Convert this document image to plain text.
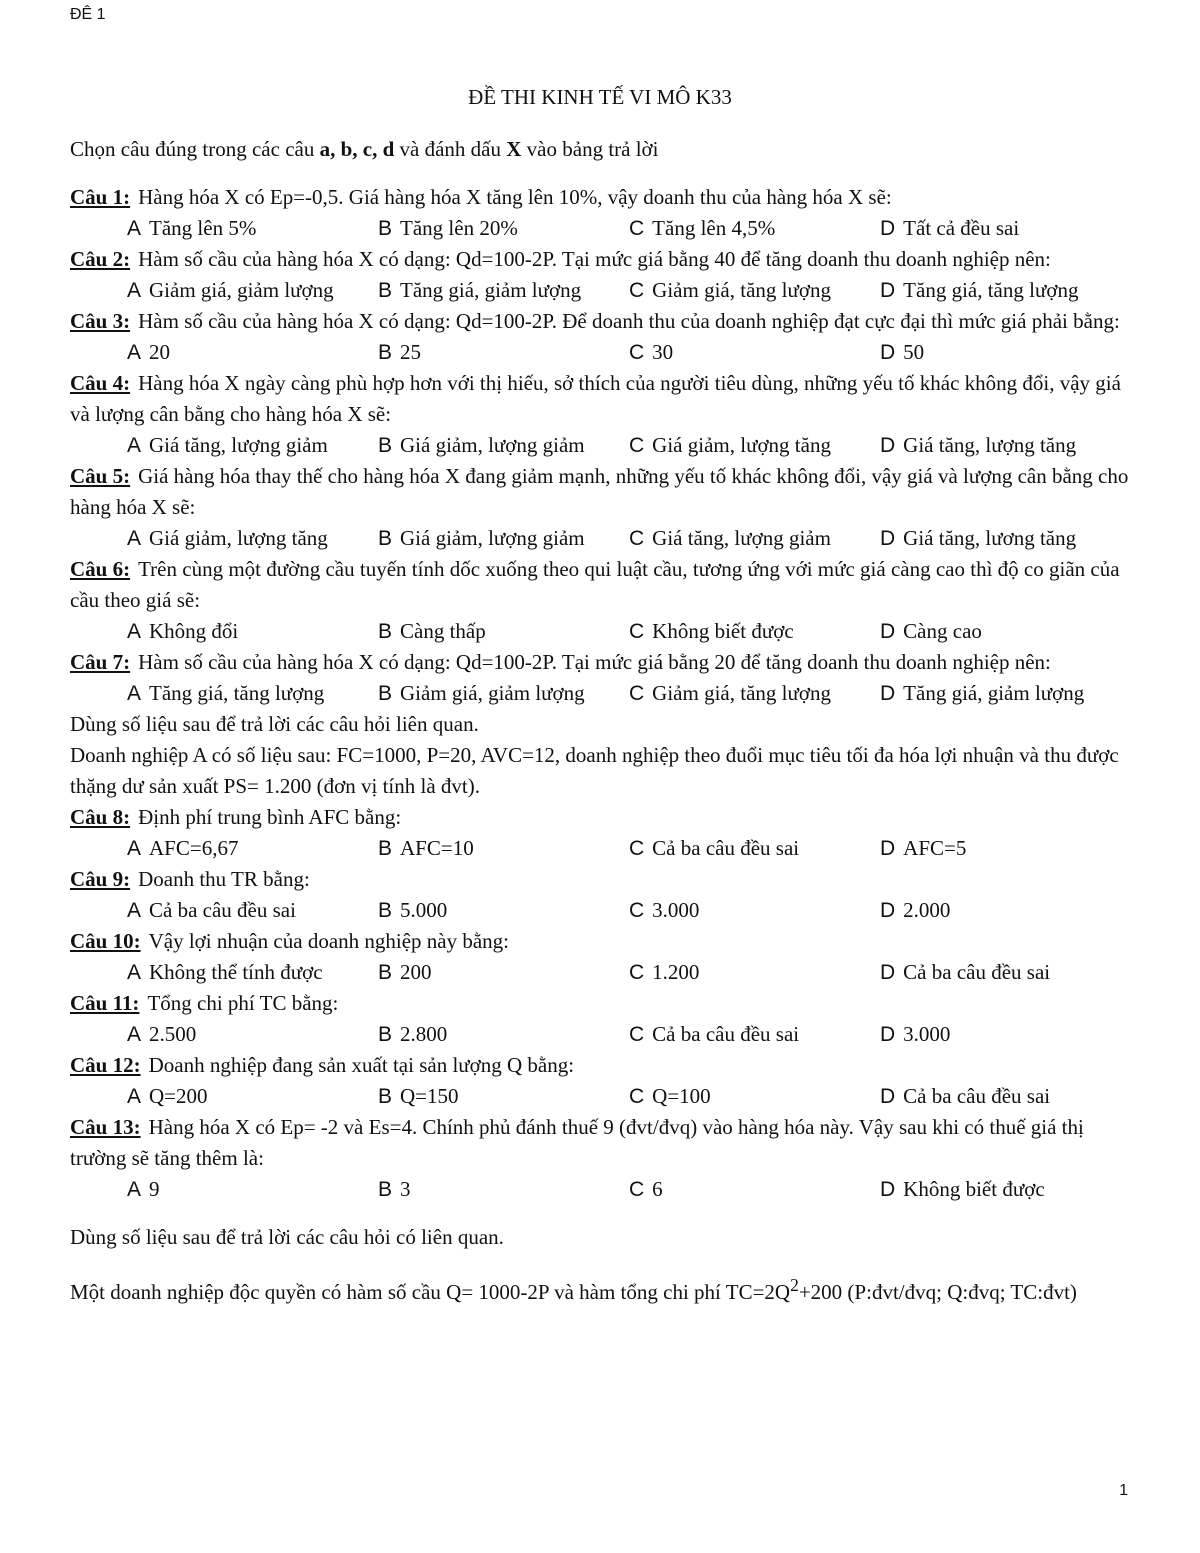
ĐÊ 1
ĐỀ THI KINH TẾ VI MÔ K33

Chọn câu đúng trong các câu a, b, c, d và đánh dấu X vào bảng trả lời

Câu 1: Hàng hóa X có Ep=-0,5. Giá hàng hóa X tăng lên 10%, vậy doanh thu của hàng hóa X sẽ:

A Tăng lên 5%	B Tăng lên 20%	C Tăng lên 4,5%	D Tất cả đều sai

Câu 2: Hàm số cầu của hàng hóa X có dạng: Qd=100-2P. Tại mức giá bằng 40 để tăng doanh thu doanh nghiệp nên:

A Giảm giá, giảm lượng	B Tăng giá, giảm lượng	C Giảm giá, tăng lượng	D Tăng giá, tăng lượng

Câu 3: Hàm số cầu của hàng hóa X có dạng: Qd=100-2P. Để doanh thu của doanh nghiệp đạt cực đại thì mức giá phải bằng:

A 20	B 25	C 30	D 50

Câu 4: Hàng hóa X ngày càng phù hợp hơn với thị hiếu, sở thích của người tiêu dùng, những yếu tố khác không đổi, vậy giá và lượng cân bằng cho hàng hóa X sẽ:

A Giá tăng, lượng giảm	B Giá giảm, lượng giảm	C Giá giảm, lượng tăng	D Giá tăng, lượng tăng

Câu 5: Giá hàng hóa thay thế cho hàng hóa X đang giảm mạnh, những yếu tố khác không đổi, vậy giá và lượng cân bằng cho hàng hóa X sẽ:

A Giá giảm, lượng tăng	B Giá giảm, lượng giảm	C Giá tăng, lượng giảm	D Giá tăng, lương tăng

Câu 6: Trên cùng một đường cầu tuyến tính dốc xuống theo qui luật cầu, tương ứng với mức giá càng cao thì độ co giãn của cầu theo giá sẽ:

A Không đổi	B Càng thấp	C Không biết được	D Càng cao

Câu 7: Hàm số cầu của hàng hóa X có dạng: Qd=100-2P. Tại mức giá bằng 20 để tăng doanh thu doanh nghiệp nên:

A Tăng giá, tăng lượng	B Giảm giá, giảm lượng	C Giảm giá, tăng lượng	D Tăng giá, giảm lượng

Dùng số liệu sau để trả lời các câu hỏi liên quan.

Doanh nghiệp A có số liệu sau: FC=1000, P=20, AVC=12, doanh nghiệp theo đuổi mục tiêu tối đa hóa lợi nhuận và thu được thặng dư sản xuất PS= 1.200 (đơn vị tính là đvt).

Câu 8: Định phí trung bình AFC bằng:

A AFC=6,67	B AFC=10	C Cả ba câu đều sai	D AFC=5

Câu 9: Doanh thu TR bằng:

A Cả ba câu đều sai	B 5.000	C 3.000	D 2.000

Câu 10: Vậy lợi nhuận của doanh nghiệp này bằng:

A Không thể tính được	B 200	C 1.200	D Cả ba câu đều sai

Câu 11: Tổng chi phí TC bằng:

A 2.500	B 2.800	C Cả ba câu đều sai	D 3.000

Câu 12: Doanh nghiệp đang sản xuất tại sản lượng Q bằng:

A Q=200	B Q=150	C Q=100	D Cả ba câu đều sai

Câu 13: Hàng hóa X có Ep= -2 và Es=4. Chính phủ đánh thuế 9 (đvt/đvq) vào hàng hóa này. Vậy sau khi có thuế giá thị trường sẽ tăng thêm là:

A 9	B 3	C 6	D Không biết được

Dùng số liệu sau để trả lời các câu hỏi có liên quan.

Một doanh nghiệp độc quyền có hàm số cầu Q= 1000-2P và hàm tổng chi phí $TC=2Q^2+200$ (P:đvt/đvq; Q:đvq; TC:đvt)

1
